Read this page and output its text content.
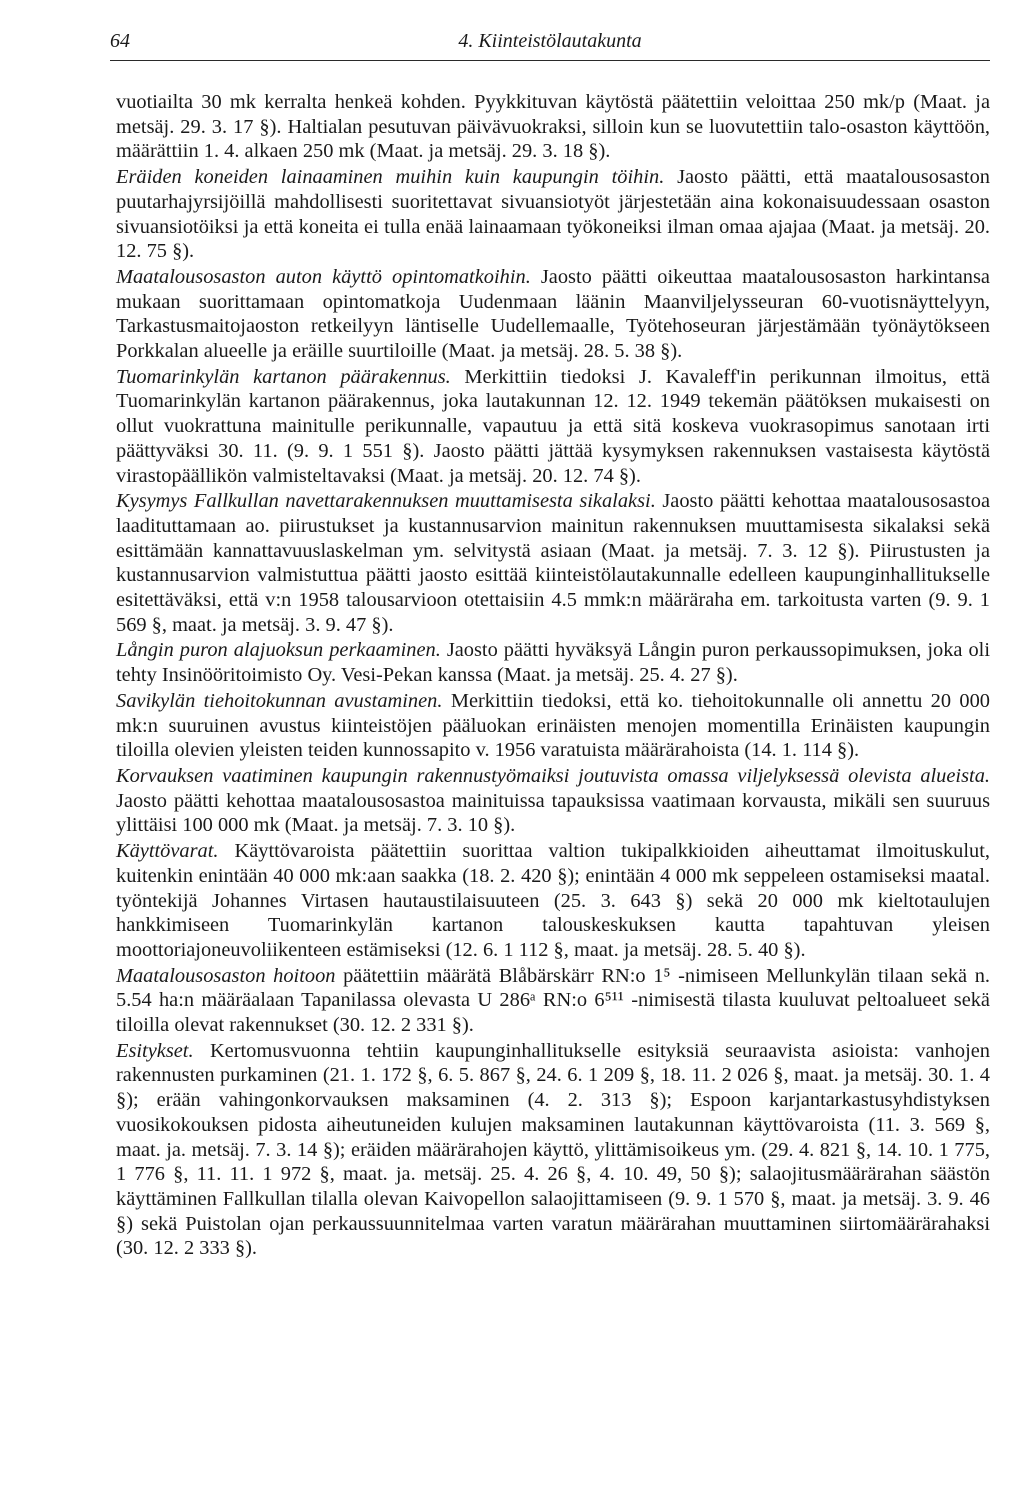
64	4. Kiinteistölautakunta

vuotiailta 30 mk kerralta henkeä kohden. Pyykkituvan käytöstä päätettiin veloittaa 250 mk/p (Maat. ja metsäj. 29. 3. 17 §). Haltialan pesutuvan päivävuokraksi, silloin kun se luovutettiin talo-osaston käyttöön, määrättiin 1. 4. alkaen 250 mk (Maat. ja metsäj. 29. 3. 18 §).

Eräiden koneiden lainaaminen muihin kuin kaupungin töihin. Jaosto päätti, että maatalousosaston puutarhajyrsijöillä mahdollisesti suoritettavat sivuansiotyöt järjestetään aina kokonaisuudessaan osaston sivuansiotöiksi ja että koneita ei tulla enää lainaamaan työkoneiksi ilman omaa ajajaa (Maat. ja metsäj. 20. 12. 75 §).

Maatalousosaston auton käyttö opintomatkoihin. Jaosto päätti oikeuttaa maatalousosaston harkintansa mukaan suorittamaan opintomatkoja Uudenmaan läänin Maanviljelysseuran 60-vuotisnäyttelyyn, Tarkastusmaitojaoston retkeilyyn läntiselle Uudellemaalle, Työtehoseuran järjestämään työnäytökseen Porkkalan alueelle ja eräille suurtiloille (Maat. ja metsäj. 28. 5. 38 §).

Tuomarinkylän kartanon päärakennus. Merkittiin tiedoksi J. Kavaleff'in perikunnan ilmoitus, että Tuomarinkylän kartanon päärakennus, joka lautakunnan 12. 12. 1949 tekemän päätöksen mukaisesti on ollut vuokrattuna mainitulle perikunnalle, vapautuu ja että sitä koskeva vuokrasopimus sanotaan irti päättyväksi 30. 11. (9. 9. 1 551 §). Jaosto päätti jättää kysymyksen rakennuksen vastaisesta käytöstä virastopäällikön valmisteltavaksi (Maat. ja metsäj. 20. 12. 74 §).

Kysymys Fallkullan navettarakennuksen muuttamisesta sikalaksi. Jaosto päätti kehottaa maatalousosastoa laadituttamaan ao. piirustukset ja kustannusarvion mainitun rakennuksen muuttamisesta sikalaksi sekä esittämään kannattavuuslaskelman ym. selvitystä asiaan (Maat. ja metsäj. 7. 3. 12 §). Piirustusten ja kustannusarvion valmistuttua päätti jaosto esittää kiinteistölautakunnalle edelleen kaupunginhallitukselle esitettäväksi, että v:n 1958 talousarvioon otettaisiin 4.5 mmk:n määräraha em. tarkoitusta varten (9. 9. 1 569 §, maat. ja metsäj. 3. 9. 47 §).

Långin puron alajuoksun perkaaminen. Jaosto päätti hyväksyä Långin puron perkaussopimuksen, joka oli tehty Insinööritoimisto Oy. Vesi-Pekan kanssa (Maat. ja metsäj. 25. 4. 27 §).

Savikylän tiehoitokunnan avustaminen. Merkittiin tiedoksi, että ko. tiehoitokunnalle oli annettu 20 000 mk:n suuruinen avustus kiinteistöjen pääluokan erinäisten menojen momentilla Erinäisten kaupungin tiloilla olevien yleisten teiden kunnossapito v. 1956 varatuista määrärahoista (14. 1. 114 §).

Korvauksen vaatiminen kaupungin rakennustyömaiksi joutuvista omassa viljelyksessä olevista alueista. Jaosto päätti kehottaa maatalousosastoa mainituissa tapauksissa vaatimaan korvausta, mikäli sen suuruus ylittäisi 100 000 mk (Maat. ja metsäj. 7. 3. 10 §).

Käyttövarat. Käyttövaroista päätettiin suorittaa valtion tukipalkkioiden aiheuttamat ilmoituskulut, kuitenkin enintään 40 000 mk:aan saakka (18. 2. 420 §); enintään 4 000 mk seppeleen ostamiseksi maatal. työntekijä Johannes Virtasen hautaustilaisuuteen (25. 3. 643 §) sekä 20 000 mk kieltotaulujen hankkimiseen Tuomarinkylän kartanon talouskeskuksen kautta tapahtuvan yleisen moottoriajoneuvoliikenteen estämiseksi (12. 6. 1 112 §, maat. ja metsäj. 28. 5. 40 §).

Maatalousosaston hoitoon päätettiin määrätä Blåbärskärr RN:o 1⁵ -nimiseen Mellunkylän tilaan sekä n. 5.54 ha:n määräalaan Tapanilassa olevasta U 286ᵃ RN:o 6⁵¹¹ -nimisestä tilasta kuuluvat peltoalueet sekä tiloilla olevat rakennukset (30. 12. 2 331 §).

Esitykset. Kertomusvuonna tehtiin kaupunginhallitukselle esityksiä seuraavista asioista: vanhojen rakennusten purkaminen (21. 1. 172 §, 6. 5. 867 §, 24. 6. 1 209 §, 18. 11. 2 026 §, maat. ja metsäj. 30. 1. 4 §); erään vahingonkorvauksen maksaminen (4. 2. 313 §); Espoon karjantarkastusyhdistyksen vuosikokouksen pidosta aiheutuneiden kulujen maksaminen lautakunnan käyttövaroista (11. 3. 569 §, maat. ja. metsäj. 7. 3. 14 §); eräiden määrärahojen käyttö, ylittämisoikeus ym. (29. 4. 821 §, 14. 10. 1 775, 1 776 §, 11. 11. 1 972 §, maat. ja. metsäj. 25. 4. 26 §, 4. 10. 49, 50 §); salaojitusmäärärahan säästön käyttäminen Fallkullan tilalla olevan Kaivopellon salaojittamiseen (9. 9. 1 570 §, maat. ja metsäj. 3. 9. 46 §) sekä Puistolan ojan perkaussuunnitelmaa varten varatun määrärahan muuttaminen siirtomäärärahaksi (30. 12. 2 333 §).
